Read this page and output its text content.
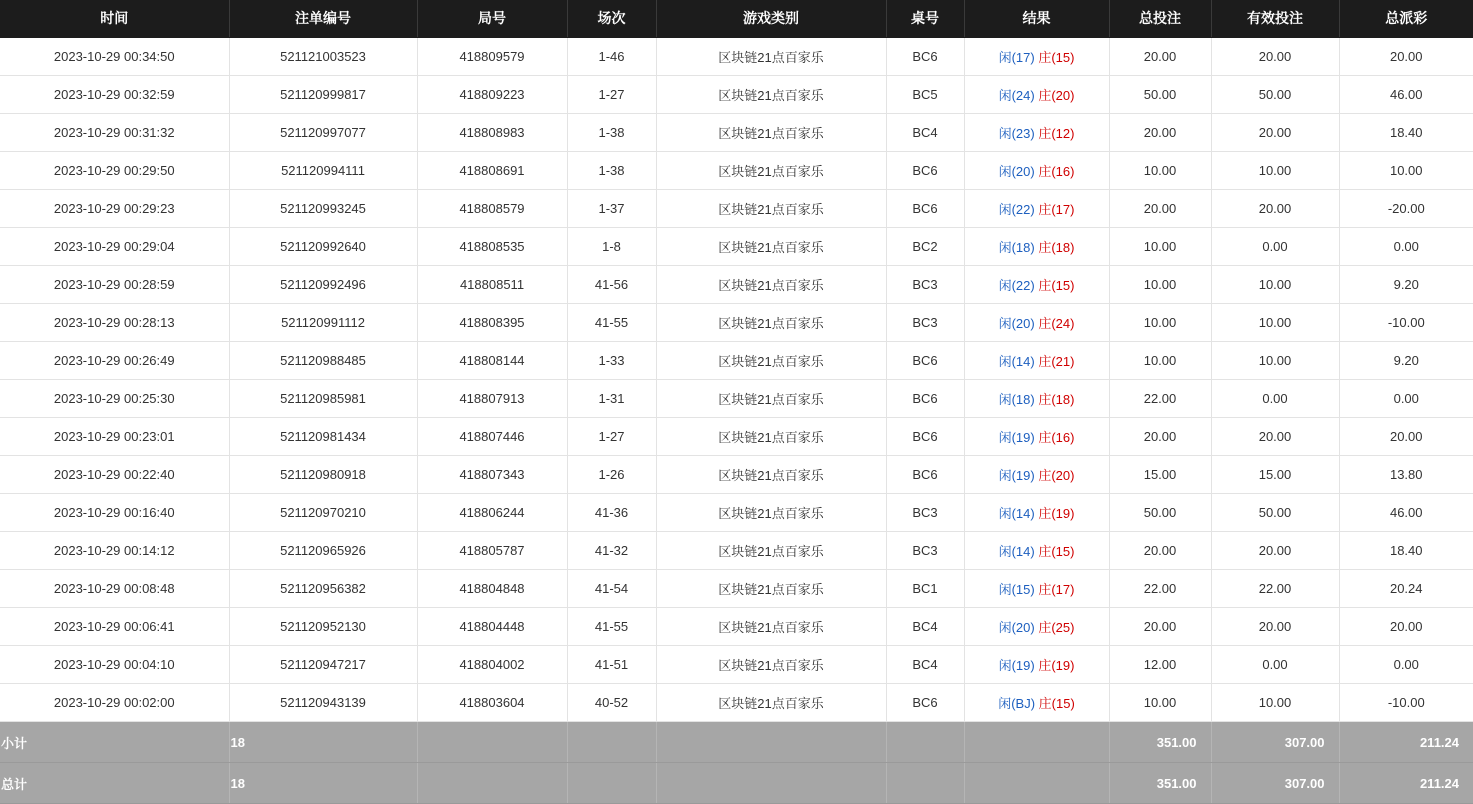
时间	注单编号	局号	场次	游戏类别	桌号	结果	总投注	有效投注	总派彩
2023-10-29 00:34:50	521121003523	418809579	1-46	区块链21点百家乐	BC6	闲(17) 庄(15)	20.00	20.00	20.00
2023-10-29 00:32:59	521120999817	418809223	1-27	区块链21点百家乐	BC5	闲(24) 庄(20)	50.00	50.00	46.00
2023-10-29 00:31:32	521120997077	418808983	1-38	区块链21点百家乐	BC4	闲(23) 庄(12)	20.00	20.00	18.40
2023-10-29 00:29:50	521120994111	418808691	1-38	区块链21点百家乐	BC6	闲(20) 庄(16)	10.00	10.00	10.00
2023-10-29 00:29:23	521120993245	418808579	1-37	区块链21点百家乐	BC6	闲(22) 庄(17)	20.00	20.00	-20.00
2023-10-29 00:29:04	521120992640	418808535	1-8	区块链21点百家乐	BC2	闲(18) 庄(18)	10.00	0.00	0.00
2023-10-29 00:28:59	521120992496	418808511	41-56	区块链21点百家乐	BC3	闲(22) 庄(15)	10.00	10.00	9.20
2023-10-29 00:28:13	521120991112	418808395	41-55	区块链21点百家乐	BC3	闲(20) 庄(24)	10.00	10.00	-10.00
2023-10-29 00:26:49	521120988485	418808144	1-33	区块链21点百家乐	BC6	闲(14) 庄(21)	10.00	10.00	9.20
2023-10-29 00:25:30	521120985981	418807913	1-31	区块链21点百家乐	BC6	闲(18) 庄(18)	22.00	0.00	0.00
2023-10-29 00:23:01	521120981434	418807446	1-27	区块链21点百家乐	BC6	闲(19) 庄(16)	20.00	20.00	20.00
2023-10-29 00:22:40	521120980918	418807343	1-26	区块链21点百家乐	BC6	闲(19) 庄(20)	15.00	15.00	13.80
2023-10-29 00:16:40	521120970210	418806244	41-36	区块链21点百家乐	BC3	闲(14) 庄(19)	50.00	50.00	46.00
2023-10-29 00:14:12	521120965926	418805787	41-32	区块链21点百家乐	BC3	闲(14) 庄(15)	20.00	20.00	18.40
2023-10-29 00:08:48	521120956382	418804848	41-54	区块链21点百家乐	BC1	闲(15) 庄(17)	22.00	22.00	20.24
2023-10-29 00:06:41	521120952130	418804448	41-55	区块链21点百家乐	BC4	闲(20) 庄(25)	20.00	20.00	20.00
2023-10-29 00:04:10	521120947217	418804002	41-51	区块链21点百家乐	BC4	闲(19) 庄(19)	12.00	0.00	0.00
2023-10-29 00:02:00	521120943139	418803604	40-52	区块链21点百家乐	BC6	闲(BJ) 庄(15)	10.00	10.00	-10.00
小计	18						351.00	307.00	211.24
总计	18						351.00	307.00	211.24
